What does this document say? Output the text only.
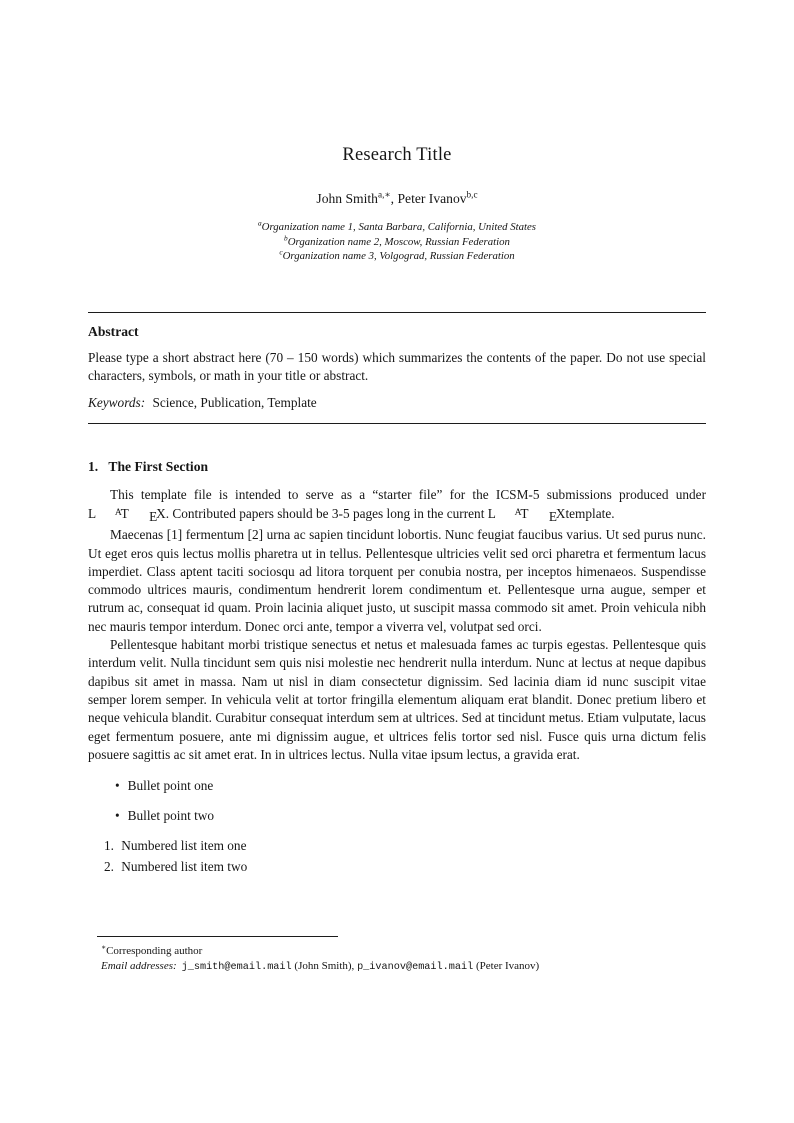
Research Title
John Smith$^{a,∗}$, Peter Ivanov$^{b,c}$
$^a$Organization name 1, Santa Barbara, California, United States
$^b$Organization name 2, Moscow, Russian Federation
$^c$Organization name 3, Volgograd, Russian Federation
Abstract

Please type a short abstract here (70 – 150 words) which summarizes the contents of the paper. Do not use special characters, symbols, or math in your title or abstract.

Keywords: Science, Publication, Template

1. The First Section

This template file is intended to serve as a “starter file” for the ICSM-5 submissions produced under L AT EX. Contributed papers should be 3-5 pages long in the current L AT EXtemplate.

Maecenas [1] fermentum [2] urna ac sapien tincidunt lobortis. Nunc feugiat faucibus varius. Ut sed purus nunc. Ut eget eros quis lectus mollis pharetra ut in tellus. Pellentesque ultricies velit sed orci pharetra et fermentum lacus imperdiet. Class aptent taciti sociosqu ad litora torquent per conubia nostra, per inceptos himenaeos. Suspendisse commodo ultrices mauris, condimentum hendrerit lorem condimentum et. Pellentesque urna augue, semper et rutrum ac, consequat id quam. Proin lacinia aliquet justo, ut suscipit massa commodo sit amet. Proin vehicula nibh nec mauris tempor interdum. Donec orci ante, tempor a viverra vel, volutpat sed orci.

Pellentesque habitant morbi tristique senectus et netus et malesuada fames ac turpis egestas. Pellentesque quis interdum velit. Nulla tincidunt sem quis nisi molestie nec hendrerit nulla interdum. Nunc at lectus at neque dapibus dapibus sit amet in massa. Nam ut nisl in diam consectetur dignissim. Sed lacinia diam id nunc suscipit vitae semper lorem semper. In vehicula velit at tortor fringilla elementum aliquam erat blandit. Donec pretium libero et neque vehicula blandit. Curabitur consequat interdum sem at ultrices. Sed at tincidunt metus. Etiam vulputate, lacus eget fermentum posuere, ante mi dignissim augue, et ultrices felis tortor sed nisl. Fusce quis urna dictum felis posuere sagittis ac sit amet erat. In in ultrices lectus. Nulla vitae ipsum lectus, a gravida erat.

• Bullet point one
• Bullet point two
1. Numbered list item one
2. Numbered list item two
∗Corresponding author
Email addresses: j_smith@email.mail (John Smith), p_ivanov@email.mail (Peter Ivanov)
